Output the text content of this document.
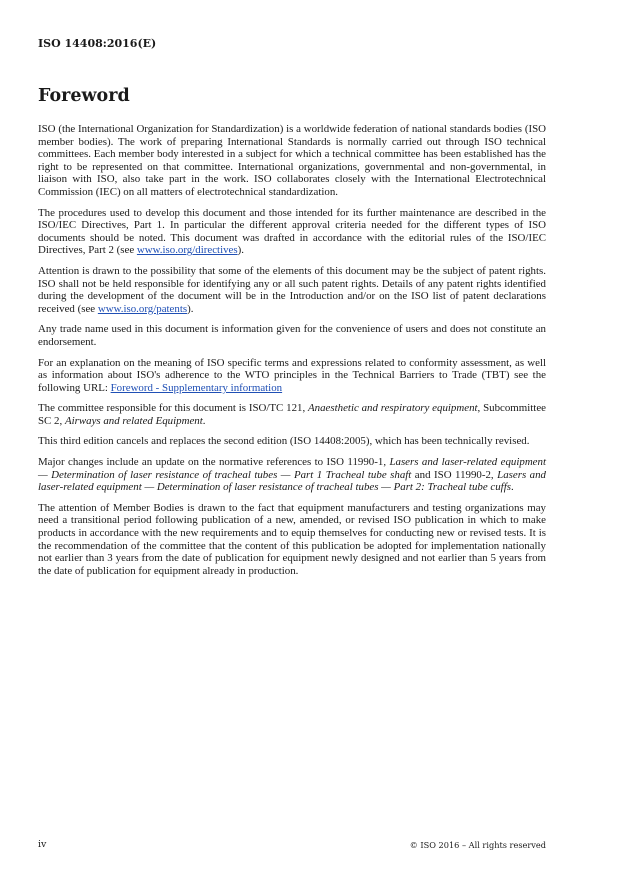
ISO 14408:2016(E)
Foreword

ISO (the International Organization for Standardization) is a worldwide federation of national standards bodies (ISO member bodies). The work of preparing International Standards is normally carried out through ISO technical committees. Each member body interested in a subject for which a technical committee has been established has the right to be represented on that committee. International organizations, governmental and non-governmental, in liaison with ISO, also take part in the work. ISO collaborates closely with the International Electrotechnical Commission (IEC) on all matters of electrotechnical standardization.

The procedures used to develop this document and those intended for its further maintenance are described in the ISO/IEC Directives, Part 1. In particular the different approval criteria needed for the different types of ISO documents should be noted. This document was drafted in accordance with the editorial rules of the ISO/IEC Directives, Part 2 (see www.iso.org/directives).

Attention is drawn to the possibility that some of the elements of this document may be the subject of patent rights. ISO shall not be held responsible for identifying any or all such patent rights. Details of any patent rights identified during the development of the document will be in the Introduction and/or on the ISO list of patent declarations received (see www.iso.org/patents).

Any trade name used in this document is information given for the convenience of users and does not constitute an endorsement.

For an explanation on the meaning of ISO specific terms and expressions related to conformity assessment, as well as information about ISO's adherence to the WTO principles in the Technical Barriers to Trade (TBT) see the following URL: Foreword - Supplementary information

The committee responsible for this document is ISO/TC 121, Anaesthetic and respiratory equipment, Subcommittee SC 2, Airways and related Equipment.

This third edition cancels and replaces the second edition (ISO 14408:2005), which has been technically revised.

Major changes include an update on the normative references to ISO 11990-1, Lasers and laser-related equipment — Determination of laser resistance of tracheal tubes — Part 1 Tracheal tube shaft and ISO 11990-2, Lasers and laser-related equipment — Determination of laser resistance of tracheal tubes — Part 2: Tracheal tube cuffs.

The attention of Member Bodies is drawn to the fact that equipment manufacturers and testing organizations may need a transitional period following publication of a new, amended, or revised ISO publication in which to make products in accordance with the new requirements and to equip themselves for conducting new or revised tests. It is the recommendation of the committee that the content of this publication be adopted for implementation nationally not earlier than 3 years from the date of publication for equipment newly designed and not earlier than 5 years from the date of publication for equipment already in production.

iv	© ISO 2016 – All rights reserved
